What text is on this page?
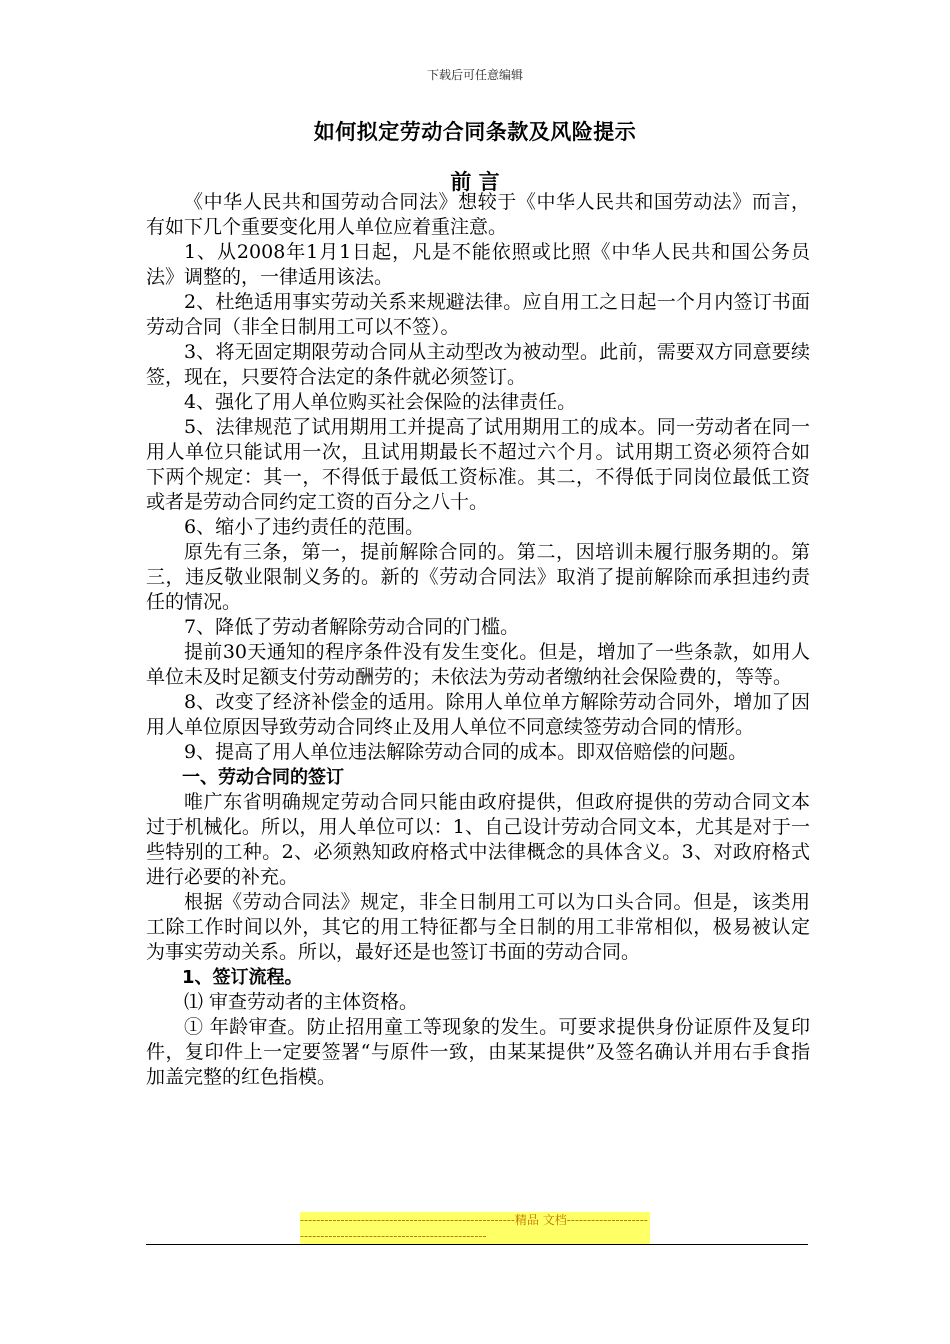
下载后可任意编辑
如何拟定劳动合同条款及风险提示
前 言

《中华人民共和国劳动合同法》想较于《中华人民共和国劳动法》而言，有如下几个重要变化用人单位应着重注意。

1、从2008年1月1日起，凡是不能依照或比照《中华人民共和国公务员法》调整的，一律适用该法。

2、杜绝适用事实劳动关系来规避法律。应自用工之日起一个月内签订书面劳动合同（非全日制用工可以不签）。

3、将无固定期限劳动合同从主动型改为被动型。此前，需要双方同意要续签，现在，只要符合法定的条件就必须签订。

4、强化了用人单位购买社会保险的法律责任。

5、法律规范了试用期用工并提高了试用期用工的成本。同一劳动者在同一用人单位只能试用一次，且试用期最长不超过六个月。试用期工资必须符合如下两个规定：其一，不得低于最低工资标准。其二，不得低于同岗位最低工资或者是劳动合同约定工资的百分之八十。

6、缩小了违约责任的范围。

原先有三条，第一，提前解除合同的。第二，因培训未履行服务期的。第三，违反敬业限制义务的。新的《劳动合同法》取消了提前解除而承担违约责任的情况。

7、降低了劳动者解除劳动合同的门槛。

提前30天通知的程序条件没有发生变化。但是，增加了一些条款，如用人单位未及时足额支付劳动酬劳的；未依法为劳动者缴纳社会保险费的，等等。

8、改变了经济补偿金的适用。除用人单位单方解除劳动合同外，增加了因用人单位原因导致劳动合同终止及用人单位不同意续签劳动合同的情形。

9、提高了用人单位违法解除劳动合同的成本。即双倍赔偿的问题。

一、劳动合同的签订

唯广东省明确规定劳动合同只能由政府提供，但政府提供的劳动合同文本过于机械化。所以，用人单位可以：1、自己设计劳动合同文本，尤其是对于一些特别的工种。2、必须熟知政府格式中法律概念的具体含义。3、对政府格式进行必要的补充。

根据《劳动合同法》规定，非全日制用工可以为口头合同。但是，该类用工除工作时间以外，其它的用工特征都与全日制的用工非常相似，极易被认定为事实劳动关系。所以，最好还是也签订书面的劳动合同。

1、签订流程。

⑴ 审查劳动者的主体资格。

① 年龄审查。防止招用童工等现象的发生。可要求提供身份证原件及复印件，复印件上一定要签署“与原件一致，由某某提供”及签名确认并用右手食指加盖完整的红色指模。

-----------------------------------------------------精品 文档------------------------------------------------------------------
